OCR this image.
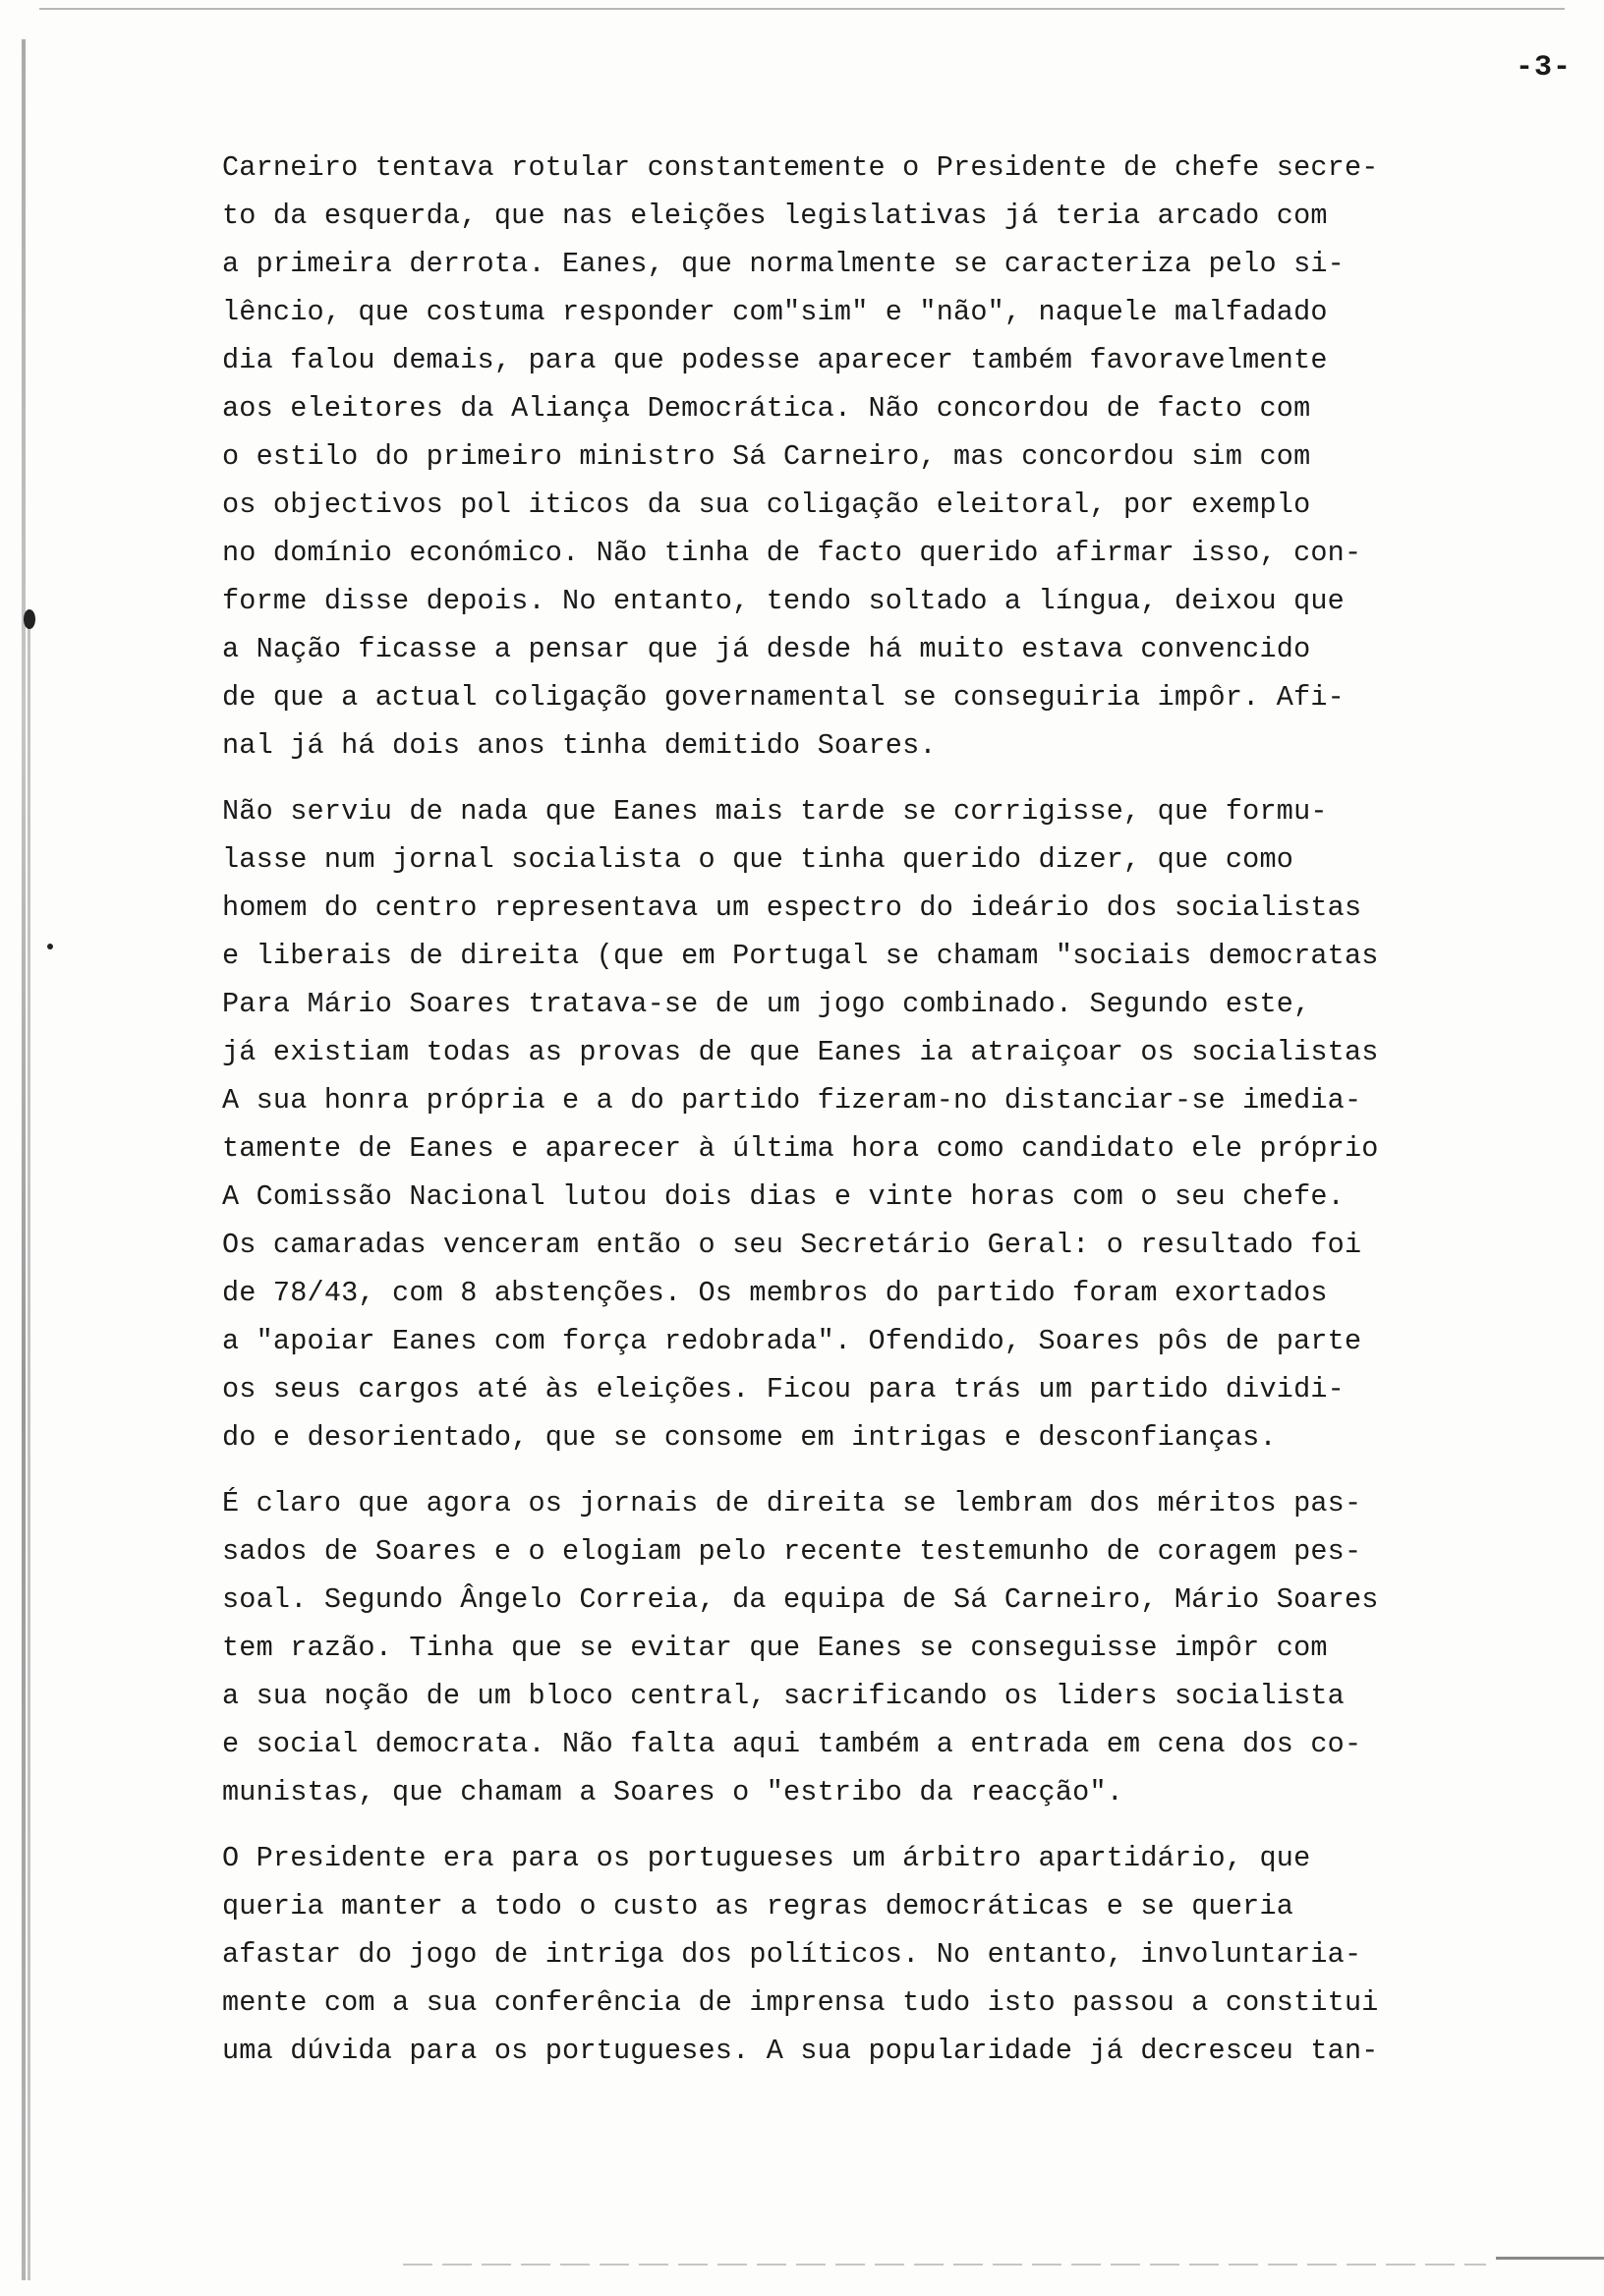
-3-
Carneiro tentava rotular constantemente o Presidente de chefe secre-
to da esquerda, que nas eleições legislativas já teria arcado com
a primeira derrota. Eanes, que normalmente se caracteriza pelo si-
lêncio, que costuma responder com"sim" e "não", naquele malfadado
dia falou demais, para que podesse aparecer também favoravelmente
aos eleitores da Aliança Democrática. Não concordou de facto com
o estilo do primeiro ministro Sá Carneiro, mas concordou sim com
os objectivos pol iticos da sua coligação eleitoral, por exemplo
no domínio económico. Não tinha de facto querido afirmar isso, con-
forme disse depois. No entanto, tendo soltado a língua, deixou que
a Nação ficasse a pensar que já desde há muito estava convencido
de que a actual coligação governamental se conseguiria impôr. Afi-
nal já há dois anos tinha demitido Soares.
Não serviu de nada que Eanes mais tarde se corrigisse, que formu-
lasse num jornal socialista o que tinha querido dizer, que como
homem do centro representava um espectro do ideário dos socialistas
e liberais de direita (que em Portugal se chamam "sociais democratas
Para Mário Soares tratava-se de um jogo combinado. Segundo este,
já existiam todas as provas de que Eanes ia atraiçoar os socialistas
A sua honra própria e a do partido fizeram-no distanciar-se imedia-
tamente de Eanes e aparecer à última hora como candidato ele próprio
A Comissão Nacional lutou dois dias e vinte horas com o seu chefe.
Os camaradas venceram então o seu Secretário Geral: o resultado foi
de 78/43, com 8 abstenções. Os membros do partido foram exortados
a "apoiar Eanes com força redobrada". Ofendido, Soares pôs de parte
os seus cargos até às eleições. Ficou para trás um partido dividi-
do e desorientado, que se consome em intrigas e desconfianças.
É claro que agora os jornais de direita se lembram dos méritos pas-
sados de Soares e o elogiam pelo recente testemunho de coragem pes-
soal. Segundo Ângelo Correia, da equipa de Sá Carneiro, Mário Soares
tem razão. Tinha que se evitar que Eanes se conseguisse impôr com
a sua noção de um bloco central, sacrificando os liders socialista
e social democrata. Não falta aqui também a entrada em cena dos co-
munistas, que chamam a Soares o "estribo da reacção".
O Presidente era para os portugueses um árbitro apartidário, que
queria manter a todo o custo as regras democráticas e se queria
afastar do jogo de intriga dos políticos. No entanto, involuntaria-
mente com a sua conferência de imprensa tudo isto passou a constitui
uma dúvida para os portugueses. A sua popularidade já decresceu tan-
